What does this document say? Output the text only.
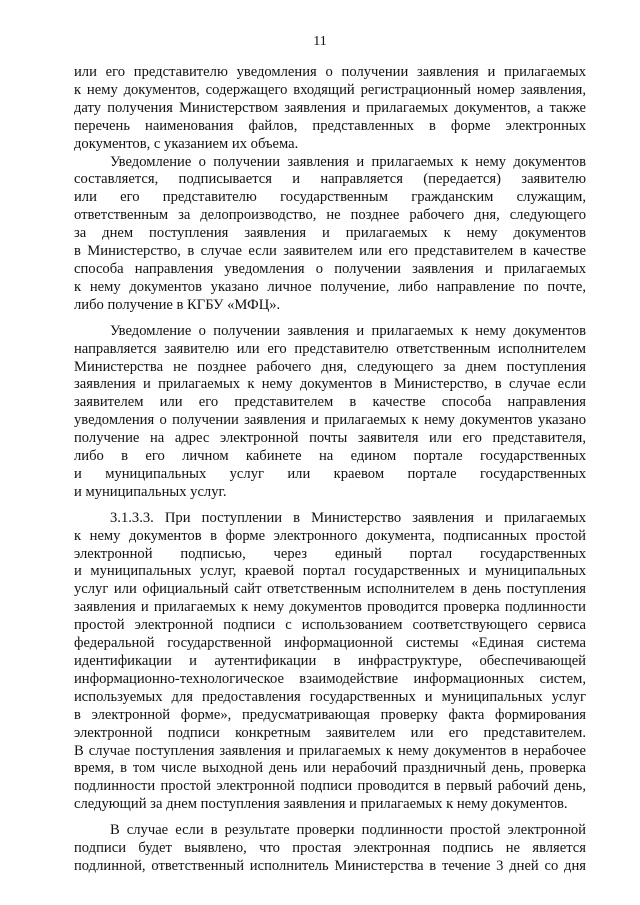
11
или его представителю уведомления о получении заявления и прилагаемых
к нему документов, содержащего входящий регистрационный номер заявления,
дату получения Министерством заявления и прилагаемых документов, а также
перечень наименования файлов, представленных в форме электронных
документов, с указанием их объема.
Уведомление о получении заявления и прилагаемых к нему документов
составляется, подписывается и направляется (передается) заявителю
или его представителю государственным гражданским служащим,
ответственным за делопроизводство, не позднее рабочего дня, следующего
за днем поступления заявления и прилагаемых к нему документов
в Министерство, в случае если заявителем или его представителем в качестве
способа направления уведомления о получении заявления и прилагаемых
к нему документов указано личное получение, либо направление по почте,
либо получение в КГБУ «МФЦ».
Уведомление о получении заявления и прилагаемых к нему документов
направляется заявителю или его представителю ответственным исполнителем
Министерства не позднее рабочего дня, следующего за днем поступления
заявления и прилагаемых к нему документов в Министерство, в случае если
заявителем или его представителем в качестве способа направления
уведомления о получении заявления и прилагаемых к нему документов указано
получение на адрес электронной почты заявителя или его представителя,
либо в его личном кабинете на едином портале государственных
и муниципальных услуг или краевом портале государственных
и муниципальных услуг.
3.1.3.3. При поступлении в Министерство заявления и прилагаемых
к нему документов в форме электронного документа, подписанных простой
электронной подписью, через единый портал государственных
и муниципальных услуг, краевой портал государственных и муниципальных
услуг или официальный сайт ответственным исполнителем в день поступления
заявления и прилагаемых к нему документов проводится проверка подлинности
простой электронной подписи с использованием соответствующего сервиса
федеральной государственной информационной системы «Единая система
идентификации и аутентификации в инфраструктуре, обеспечивающей
информационно-технологическое взаимодействие информационных систем,
используемых для предоставления государственных и муниципальных услуг
в электронной форме», предусматривающая проверку факта формирования
электронной подписи конкретным заявителем или его представителем.
В случае поступления заявления и прилагаемых к нему документов в нерабочее
время, в том числе выходной день или нерабочий праздничный день, проверка
подлинности простой электронной подписи проводится в первый рабочий день,
следующий за днем поступления заявления и прилагаемых к нему документов.
В случае если в результате проверки подлинности простой электронной
подписи будет выявлено, что простая электронная подпись не является
подлинной, ответственный исполнитель Министерства в течение 3 дней со дня
